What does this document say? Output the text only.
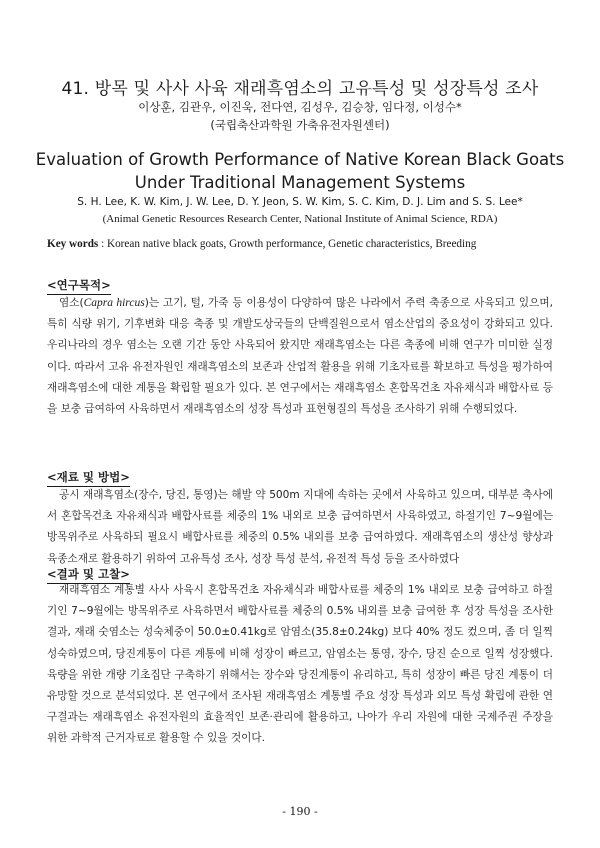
41. 방목 및 사사 사육 재래흑염소의 고유특성 및 성장특성 조사
이상훈, 김관우, 이진욱, 전다연, 김성우, 김승창, 임다정, 이성수*
(국립축산과학원 가축유전자원센터)
Evaluation of Growth Performance of Native Korean Black Goats
Under Traditional Management Systems
S. H. Lee, K. W. Kim, J. W. Lee, D. Y. Jeon, S. W. Kim, S. C. Kim, D. J. Lim and S. S. Lee*
(Animal Genetic Resources Research Center, National Institute of Animal Science, RDA)
Key words : Korean native black goats, Growth performance, Genetic characteristics, Breeding
<연구목적>

염소(Capra hircus)는 고기, 털, 가죽 등 이용성이 다양하여 많은 나라에서 주력 축종으로 사육되고 있으며, 특히 식량 위기, 기후변화 대응 축종 및 개발도상국들의 단백질원으로서 염소산업의 중요성이 강화되고 있다. 우리나라의 경우 염소는 오랜 기간 동안 사육되어 왔지만 재래흑염소는 다른 축종에 비해 연구가 미미한 실정이다. 따라서 고유 유전자원인 재래흑염소의 보존과 산업적 활용을 위해 기초자료를 확보하고 특성을 평가하여 재래흑염소에 대한 계통을 확립할 필요가 있다. 본 연구에서는 재래흑염소 혼합목건초 자유채식과 배합사료 등을 보충 급여하여 사육하면서 재래흑염소의 성장 특성과 표현형질의 특성을 조사하기 위해 수행되었다.

<재료 및 방법>

공시 재래흑염소(장수, 당진, 통영)는 해발 약 500m 지대에 속하는 곳에서 사육하고 있으며, 대부분 축사에서 혼합목건초 자유채식과 배합사료를 체중의 1% 내외로 보충 급여하면서 사육하였고, 하절기인 7~9월에는 방목위주로 사육하되 필요시 배합사료를 체중의 0.5% 내외를 보충 급여하였다. 재래흑염소의 생산성 향상과 육종소재로 활용하기 위하여 고유특성 조사, 성장 특성 분석, 유전적 특성 등을 조사하였다

<결과 및 고찰>

재래흑염소 계통별 사사 사육시 혼합목건초 자유채식과 배합사료를 체중의 1% 내외로 보충 급여하고 하절기인 7~9월에는 방목위주로 사육하면서 배합사료를 체중의 0.5% 내외를 보충 급여한 후 성장 특성을 조사한 결과, 재래 숫염소는 성숙체중이 50.0±0.41kg로 암염소(35.8±0.24kg) 보다 40% 정도 컸으며, 좀 더 일찍 성숙하였으며, 당진계통이 다른 계통에 비해 성장이 빠르고, 암염소는 통영, 장수, 당진 순으로 일찍 성장했다. 육량을 위한 개량 기초집단 구축하기 위해서는 장수와 당진계통이 유리하고, 특히 성장이 빠른 당진 계통이 더 유망할 것으로 분석되었다. 본 연구에서 조사된 재래흑염소 계통별 주요 성장 특성과 외모 특성 확립에 관한 연구결과는 재래흑염소 유전자원의 효율적인 보존·관리에 활용하고, 나아가 우리 자원에 대한 국제주권 주장을 위한 과학적 근거자료로 활용할 수 있을 것이다.

- 190 -
